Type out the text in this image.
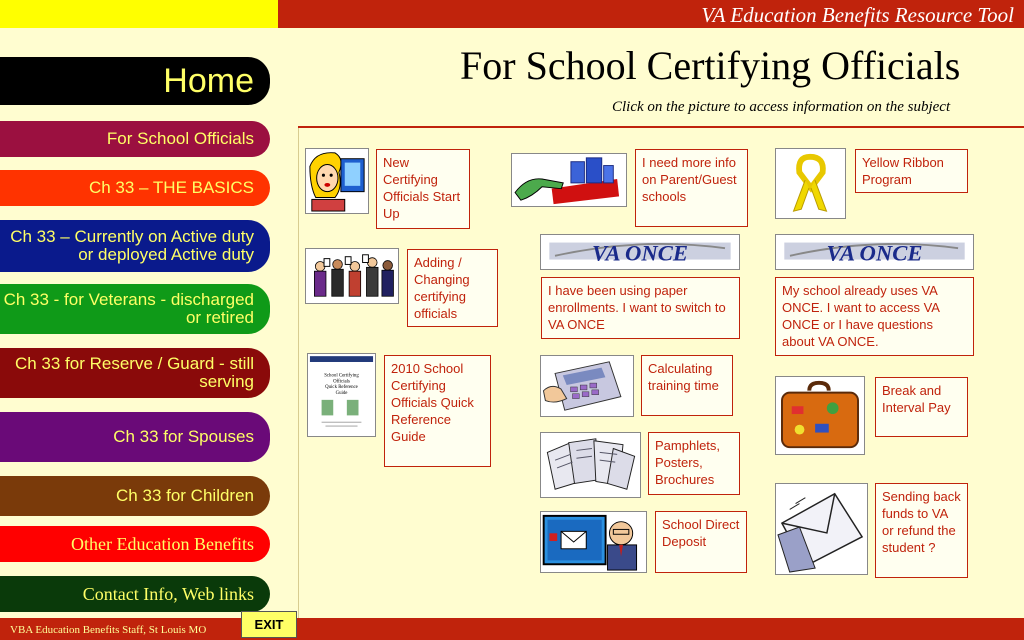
VA Education Benefits Resource Tool
For School Certifying Officials
Click on the picture to access information on the subject
Home
For School Officials
Ch 33 – THE BASICS
Ch 33 – Currently on Active duty or deployed Active duty
Ch 33 - for Veterans - discharged or retired
Ch 33 for Reserve / Guard - still serving
Ch 33 for Spouses
Ch 33 for Children
Other Education Benefits
Contact Info, Web links
New Certifying Officials Start Up
Adding / Changing certifying officials
School Certifying
Officials
Quick Reference
Guide
2010 School Certifying Officials Quick Reference Guide
I need more info on Parent/Guest schools
VA ONCE
I have been using paper enrollments. I want to switch to VA ONCE
Calculating training time
Pamphlets, Posters, Brochures
School Direct Deposit
Yellow Ribbon Program
VA ONCE
My school already uses VA ONCE. I want to access VA ONCE or I have questions about VA ONCE.
Break and Interval Pay
Sending back funds to VA or refund the student ?
VBA Education Benefits Staff, St Louis MO	EXIT
